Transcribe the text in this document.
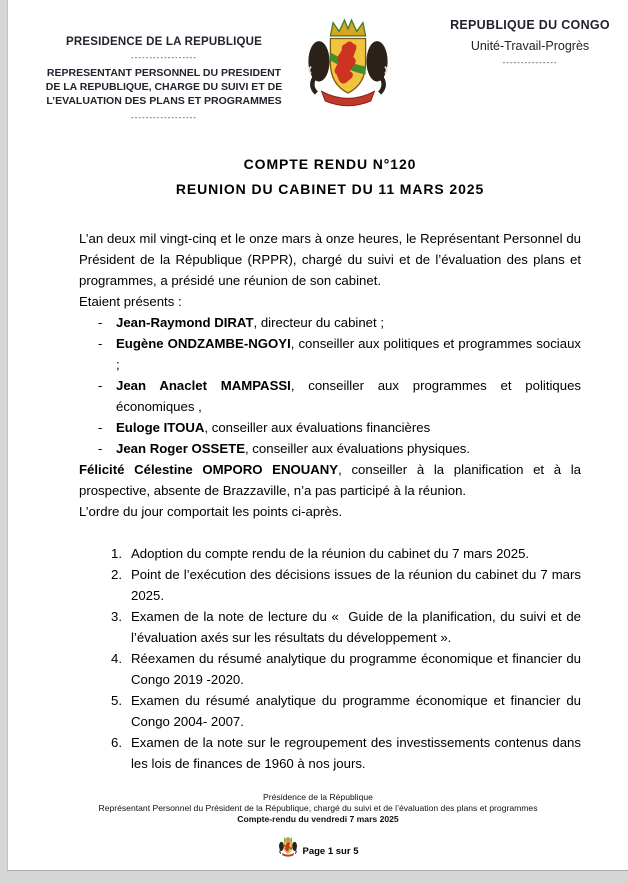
PRESIDENCE DE LA REPUBLIQUE
------------------
REPRESENTANT PERSONNEL DU PRESIDENT
DE LA REPUBLIQUE, CHARGE DU SUIVI ET DE
L’EVALUATION DES PLANS ET PROGRAMMES
------------------
REPUBLIQUE DU CONGO
Unité-Travail-Progrès
---------------
COMPTE RENDU N°120
REUNION DU CABINET DU 11 MARS 2025

L’an deux mil vingt-cinq et le onze mars à onze heures, le Représentant Personnel du Président de la République (RPPR), chargé du suivi et de l’évaluation des plans et programmes, a présidé une réunion de son cabinet.
Etaient présents :

-	Jean-Raymond DIRAT, directeur du cabinet ;
-	Eugène ONDZAMBE-NGOYI, conseiller aux politiques et programmes sociaux ;
-	Jean Anaclet MAMPASSI, conseiller aux programmes et politiques économiques ,
-	Euloge ITOUA, conseiller aux évaluations financières
-	Jean Roger OSSETE, conseiller aux évaluations physiques.

Félicité Célestine OMPORO ENOUANY, conseiller à la planification et à la prospective, absente de Brazzaville, n’a pas participé à la réunion.
L’ordre du jour comportait les points ci-après.

1. Adoption du compte rendu de la réunion du cabinet du 7 mars 2025.
2. Point de l’exécution des décisions issues de la réunion du cabinet du 7 mars 2025.
3. Examen de la note de lecture du «  Guide de la planification, du suivi et de l’évaluation axés sur les résultats du développement ».
4. Réexamen du résumé analytique du programme économique et financier du Congo 2019 -2020.
5. Examen du résumé analytique du programme économique et financier du Congo 2004- 2007.
6. Examen de la note sur le regroupement des investissements contenus dans les lois de finances de 1960 à nos jours.
Présidence de la République
Représentant Personnel du Président de la République, chargé du suivi et de l’évaluation des plans et programmes
Compte-rendu du vendredi 7 mars 2025
Page 1 sur 5
